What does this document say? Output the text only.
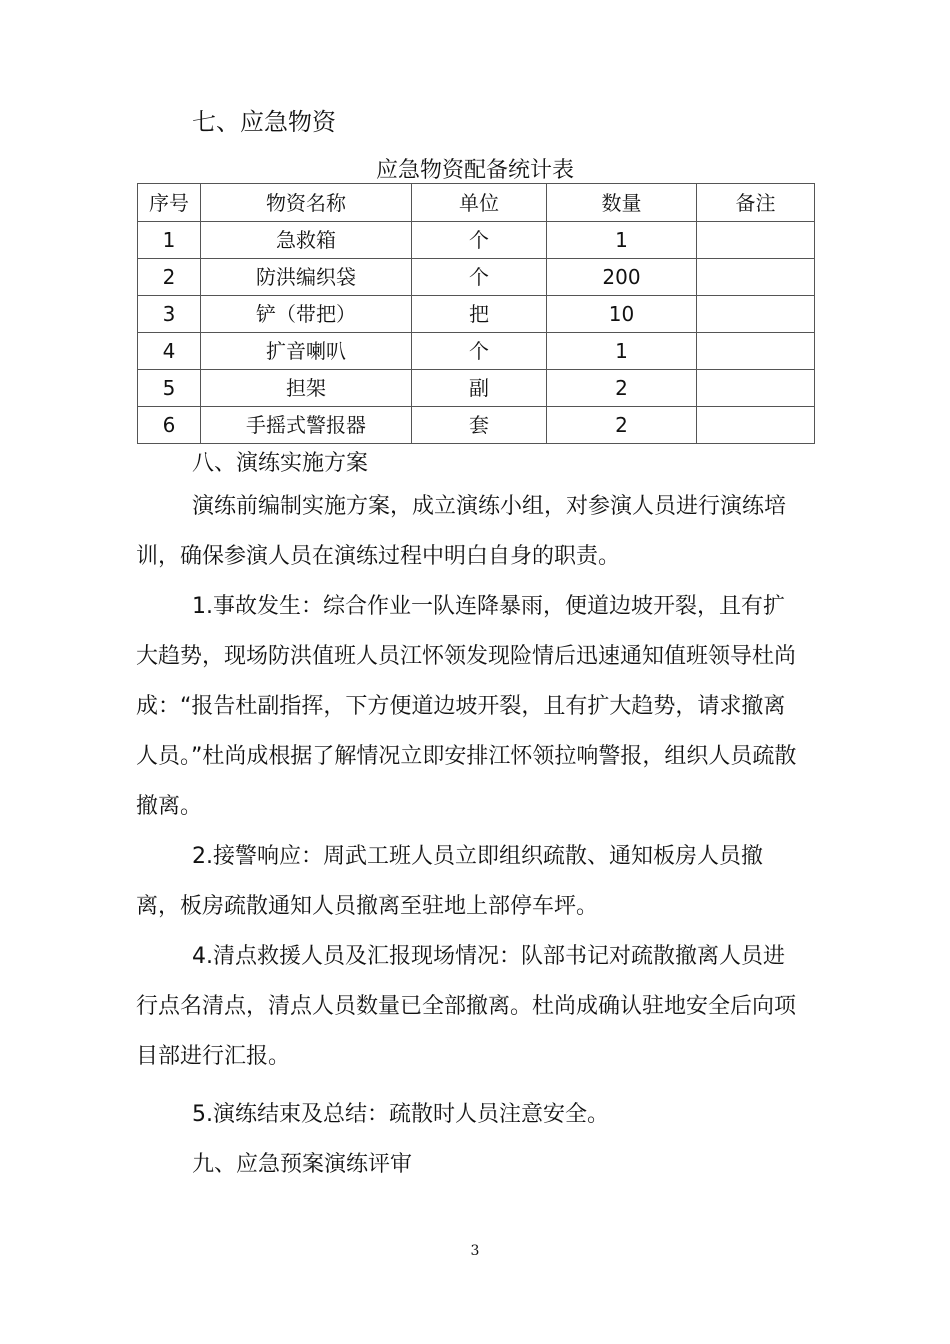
七、应急物资
应急物资配备统计表
序号	物资名称	单位	数量	备注
1	急救箱	个	1	
2	防洪编织袋	个	200	
3	铲（带把）	把	10	
4	扩音喇叭	个	1	
5	担架	副	2	
6	手摇式警报器	套	2	
八、演练实施方案

演练前编制实施方案，成立演练小组，对参演人员进行演练培训，确保参演人员在演练过程中明白自身的职责。

1.事故发生：综合作业一队连降暴雨，便道边坡开裂，且有扩大趋势，现场防洪值班人员江怀领发现险情后迅速通知值班领导杜尚成：“报告杜副指挥，下方便道边坡开裂，且有扩大趋势，请求撤离人员。”杜尚成根据了解情况立即安排江怀领拉响警报，组织人员疏散撤离。

2.接警响应：周武工班人员立即组织疏散、通知板房人员撤离，板房疏散通知人员撤离至驻地上部停车坪。

4.清点救援人员及汇报现场情况：队部书记对疏散撤离人员进行点名清点，清点人员数量已全部撤离。杜尚成确认驻地安全后向项目部进行汇报。

5.演练结束及总结：疏散时人员注意安全。

九、应急预案演练评审
3
